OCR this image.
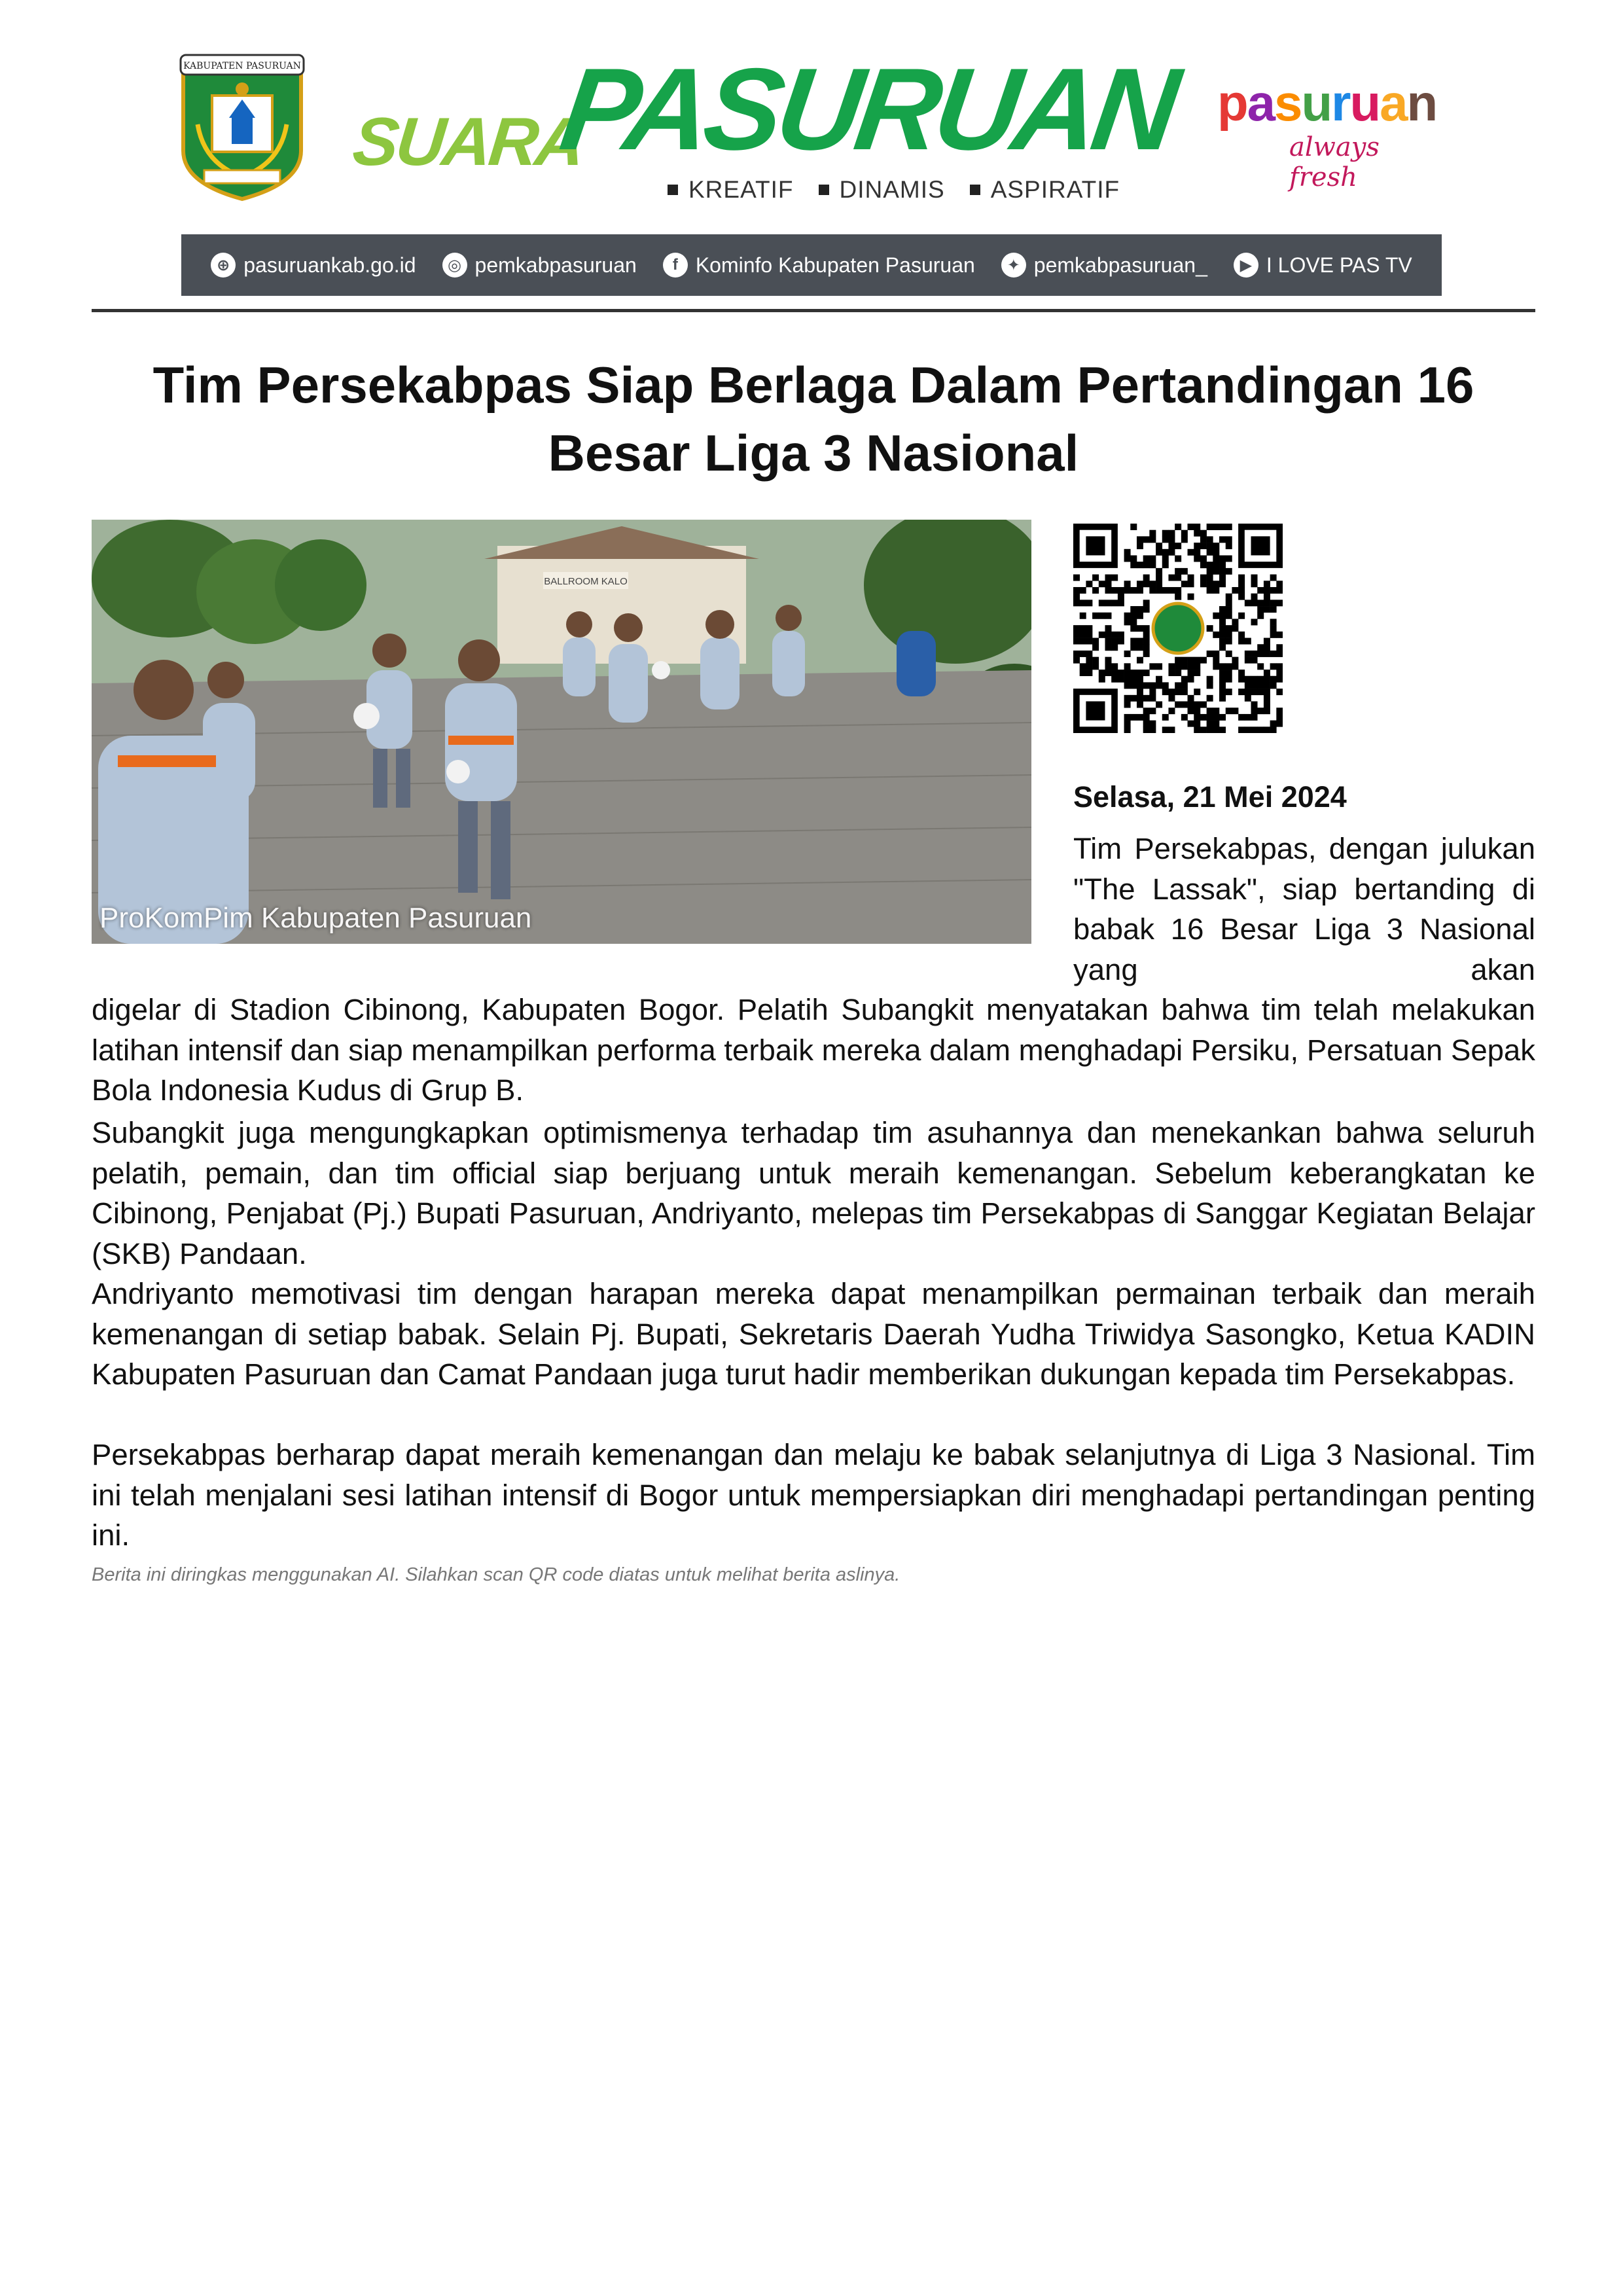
KABUPATEN PASURUAN
SUARA
PASURUAN
KREATIF DINAMIS ASPIRATIF
pasuruan
always fresh
⊕ pasuruankab.go.id	◎ pemkabpasuruan	f Kominfo Kabupaten Pasuruan	✦ pemkabpasuruan_	▶ I LOVE PAS TV
Tim Persekabpas Siap Berlaga Dalam Pertandingan 16
Besar Liga 3 Nasional
BALLROOM KALO
ProKomPim Kabupaten Pasuruan
Selasa, 21 Mei 2024
Tim Persekabpas, dengan julukan "The Lassak", siap bertanding di babak 16 Besar Liga 3 Nasional yang akan
digelar di Stadion Cibinong, Kabupaten Bogor. Pelatih Subangkit menyatakan bahwa tim telah melakukan latihan intensif dan siap menampilkan performa terbaik mereka dalam menghadapi Persiku, Persatuan Sepak Bola Indonesia Kudus di Grup B.
Subangkit juga mengungkapkan optimismenya terhadap tim asuhannya dan menekankan bahwa seluruh pelatih, pemain, dan tim official siap berjuang untuk meraih kemenangan. Sebelum keberangkatan ke Cibinong, Penjabat (Pj.) Bupati Pasuruan, Andriyanto, melepas tim Persekabpas di Sanggar Kegiatan Belajar (SKB) Pandaan.
Andriyanto memotivasi tim dengan harapan mereka dapat menampilkan permainan terbaik dan meraih kemenangan di setiap babak. Selain Pj. Bupati, Sekretaris Daerah Yudha Triwidya Sasongko, Ketua KADIN Kabupaten Pasuruan dan Camat Pandaan juga turut hadir memberikan dukungan kepada tim Persekabpas.
Persekabpas berharap dapat meraih kemenangan dan melaju ke babak selanjutnya di Liga 3 Nasional. Tim ini telah menjalani sesi latihan intensif di Bogor untuk mempersiapkan diri menghadapi pertandingan penting ini.
Berita ini diringkas menggunakan AI. Silahkan scan QR code diatas untuk melihat berita aslinya.
